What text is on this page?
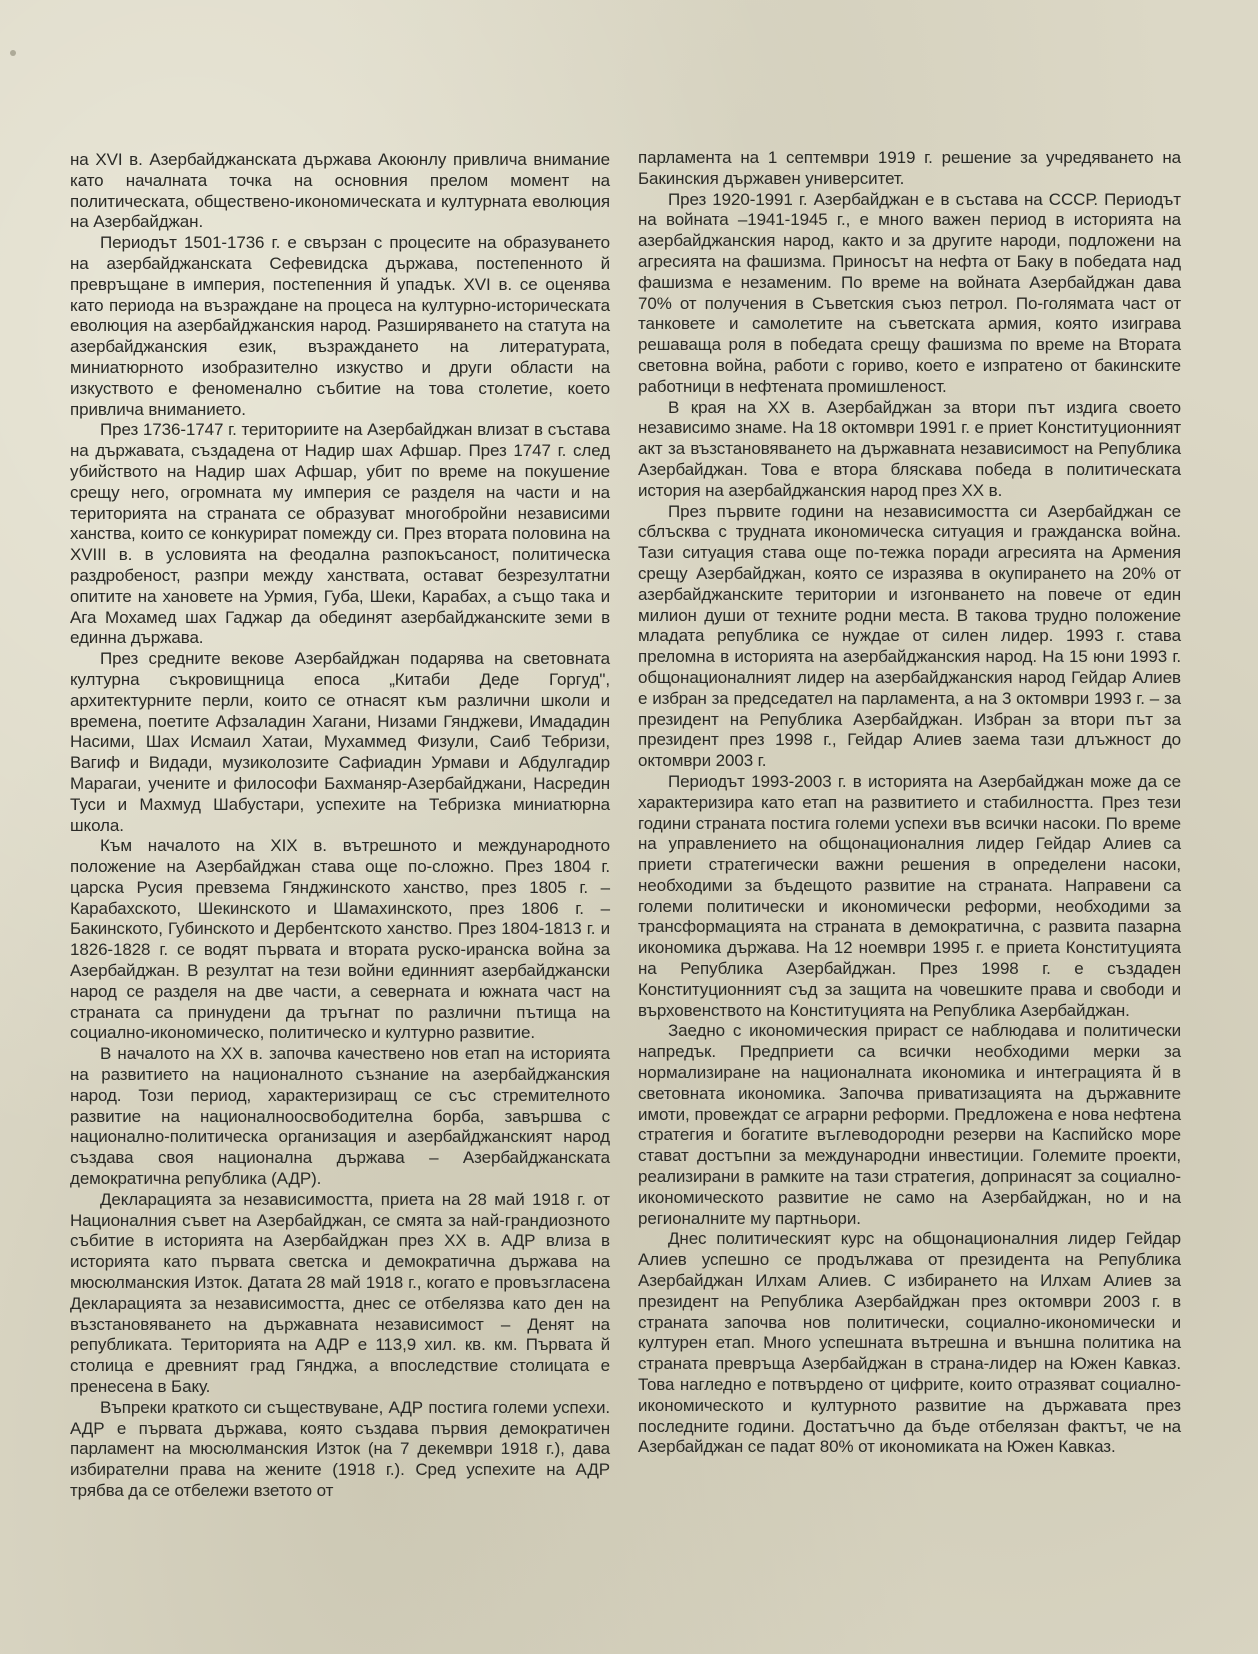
на XVI в. Азербайджанската държава Акоюнлу привлича внимание като началната точка на основния прелом момент на политическата, обществено-икономическата и културната еволюция на Азербайджан.

Периодът 1501-1736 г. е свързан с процесите на образуването на азербайджанската Сефевидска държава, постепенното й превръщане в империя, постепенния й упадък. XVI в. се оценява като периода на възраждане на процеса на културно-историческата еволюция на азербайджанския народ. Разширяването на статута на азербайджанския език, възраждането на литературата, миниатюрното изобразително изкуство и други области на изкуството е феноменално събитие на това столетие, което привлича вниманието.

През 1736-1747 г. териториите на Азербайджан влизат в състава на държавата, създадена от Надир шах Афшар. През 1747 г. след убийството на Надир шах Афшар, убит по време на покушение срещу него, огромната му империя се разделя на части и на територията на страната се образуват многобройни независими ханства, които се конкурират помежду си. През втората половина на XVIII в. в условията на феодална разпокъсаност, политическа раздробеност, разпри между ханствата, остават безрезултатни опитите на хановете на Урмия, Губа, Шеки, Карабах, а също така и Ага Мохамед шах Гаджар да обединят азербайджанските земи в единна държава.

През средните векове Азербайджан подарява на световната културна съкровищница епоса „Китаби Деде Горгуд", архитектурните перли, които се отнасят към различни школи и времена, поетите Афзаладин Хагани, Низами Гянджеви, Имададин Насими, Шах Исмаил Хатаи, Мухаммед Физули, Саиб Тебризи, Вагиф и Видади, музиколозите Сафиадин Урмави и Абдулгадир Марагаи, учените и философи Бахманяр-Азербайджани, Насредин Туси и Махмуд Шабустари, успехите на Тебризка миниатюрна школа.

Към началото на XIX в. вътрешното и международното положение на Азербайджан става още по-сложно. През 1804 г. царска Русия превзема Гянджинското ханство, през 1805 г. – Карабахското, Шекинското и Шамахинското, през 1806 г. – Бакинското, Губинското и Дербентското ханство. През 1804-1813 г. и 1826-1828 г. се водят първата и втората руско-иранска война за Азербайджан. В резултат на тези войни единният азербайджански народ се разделя на две части, а северната и южната част на страната са принудени да тръгнат по различни пътища на социално-икономическо, политическо и културно развитие.

В началото на XX в. започва качествено нов етап на историята на развитието на националното съзнание на азербайджанския народ. Този период, характеризиращ се със стремителното развитие на националноосвободителна борба, завършва с национално-политическа организация и азербайджанският народ създава своя национална държава – Азербайджанската демократична република (АДР).

Декларацията за независимостта, приета на 28 май 1918 г. от Националния съвет на Азербайджан, се смята за най-грандиозното събитие в историята на Азербайджан през XX в. АДР влиза в историята като първата светска и демократична държава на мюсюлманския Изток. Датата 28 май 1918 г., когато е провъзгласена Декларацията за независимостта, днес се отбелязва като ден на възстановяването на държавната независимост – Денят на републиката. Територията на АДР е 113,9 хил. кв. км. Първата й столица е древният град Гянджа, а впоследствие столицата е пренесена в Баку.

Въпреки краткото си съществуване, АДР постига големи успехи. АДР е първата държава, която създава първия демократичен парламент на мюсюлманския Изток (на 7 декември 1918 г.), дава избирателни права на жените (1918 г.). Сред успехите на АДР трябва да се отбележи взетото от

парламента на 1 септември 1919 г. решение за учредяването на Бакинския държавен университет.

През 1920-1991 г. Азербайджан е в състава на СССР. Периодът на войната –1941-1945 г., е много важен период в историята на азербайджанския народ, както и за другите народи, подложени на агресията на фашизма. Приносът на нефта от Баку в победата над фашизма е незаменим. По време на войната Азербайджан дава 70% от получения в Съветския съюз петрол. По-голямата част от танковете и самолетите на съветската армия, която изиграва решаваща роля в победата срещу фашизма по време на Втората световна война, работи с гориво, което е изпратено от бакинските работници в нефтената промишленост.

В края на XX в. Азербайджан за втори път издига своето независимо знаме. На 18 октомври 1991 г. е приет Конституционният акт за възстановяването на държавната независимост на Република Азербайджан. Това е втора бляскава победа в политическата история на азербайджанския народ през XX в.

През първите години на независимостта си Азербайджан се сблъсква с трудната икономическа ситуация и гражданска война. Тази ситуация става още по-тежка поради агресията на Армения срещу Азербайджан, която се изразява в окупирането на 20% от азербайджанските територии и изгонването на повече от един милион души от техните родни места. В такова трудно положение младата република се нуждае от силен лидер. 1993 г. става преломна в историята на азербайджанския народ. На 15 юни 1993 г. общонационалният лидер на азербайджанския народ Гейдар Алиев е избран за председател на парламента, а на 3 октомври 1993 г. – за президент на Република Азербайджан. Избран за втори път за президент през 1998 г., Гейдар Алиев заема тази длъжност до октомври 2003 г.

Периодът 1993-2003 г. в историята на Азербайджан може да се характеризира като етап на развитието и стабилността. През тези години страната постига големи успехи във всички насоки. По време на управлението на общонационалния лидер Гейдар Алиев са приети стратегически важни решения в определени насоки, необходими за бъдещото развитие на страната. Направени са големи политически и икономически реформи, необходими за трансформацията на страната в демократична, с развита пазарна икономика държава. На 12 ноември 1995 г. е приета Конституцията на Република Азербайджан. През 1998 г. е създаден Конституционният съд за защита на човешките права и свободи и върховенството на Конституцията на Република Азербайджан.

Заедно с икономическия прираст се наблюдава и политически напредък. Предприети са всички необходими мерки за нормализиране на националната икономика и интеграцията й в световната икономика. Започва приватизацията на държавните имоти, провеждат се аграрни реформи. Предложена е нова нефтена стратегия и богатите въглеводородни резерви на Каспийско море стават достъпни за международни инвестиции. Големите проекти, реализирани в рамките на тази стратегия, допринасят за социално-икономическото развитие не само на Азербайджан, но и на регионалните му партньори.

Днес политическият курс на общонационалния лидер Гейдар Алиев успешно се продължава от президента на Република Азербайджан Илхам Алиев. С избирането на Илхам Алиев за президент на Република Азербайджан през октомври 2003 г. в страната започва нов политически, социално-икономически и културен етап. Много успешната вътрешна и външна политика на страната превръща Азербайджан в страна-лидер на Южен Кавказ. Това нагледно е потвърдено от цифрите, които отразяват социално-икономическото и културното развитие на държавата през последните години. Достатъчно да бъде отбелязан фактът, че на Азербайджан се падат 80% от икономиката на Южен Кавказ.
